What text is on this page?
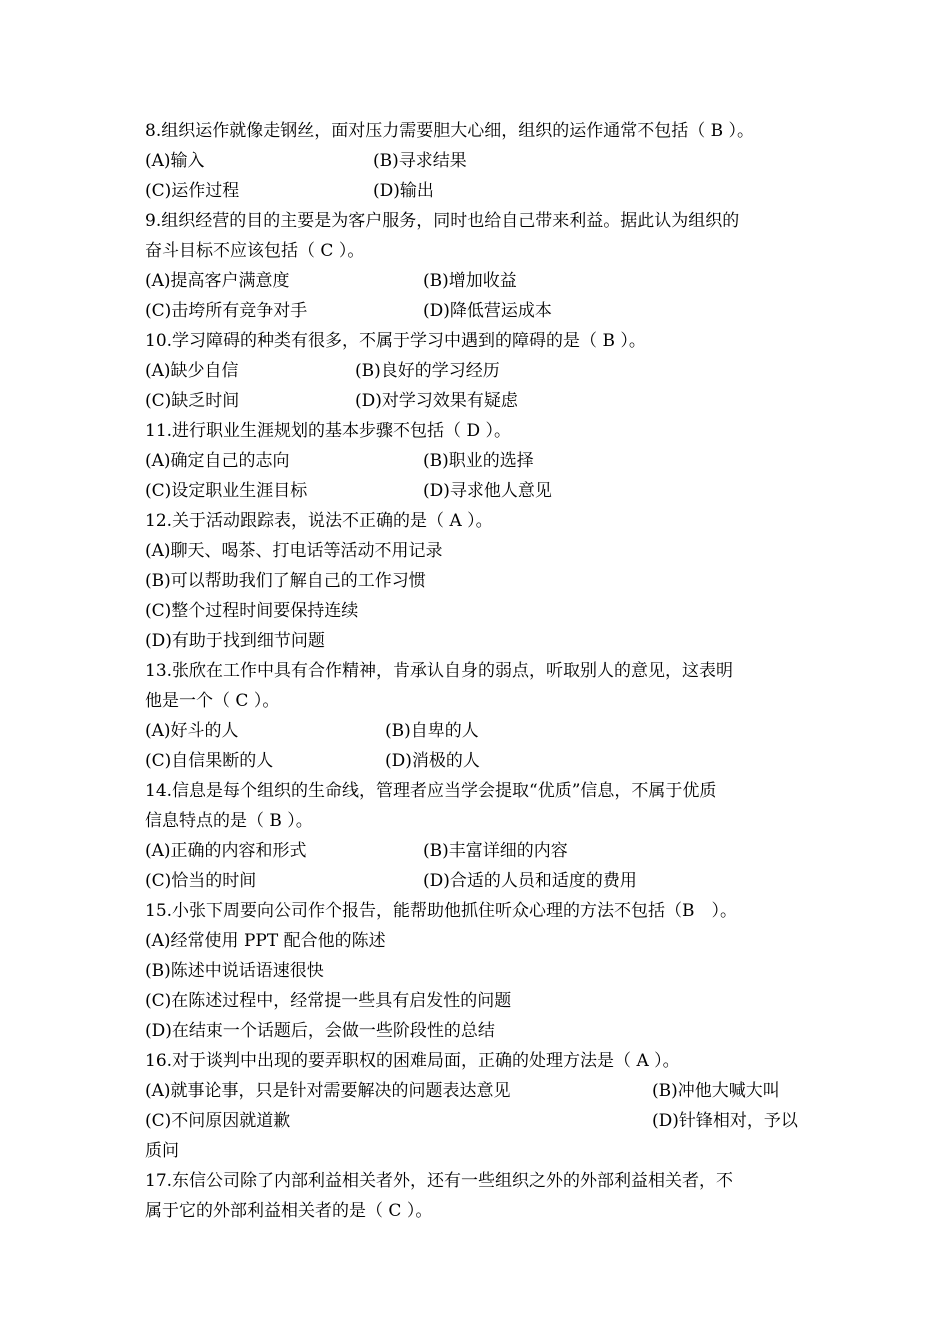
8.组织运作就像走钢丝，面对压力需要胆大心细，组织的运作通常不包括（ B ）。
(A)输入	(B)寻求结果
(C)运作过程	(D)输出
9.组织经营的目的主要是为客户服务，同时也给自己带来利益。据此认为组织的
奋斗目标不应该包括（ C ）。
(A)提高客户满意度	(B)增加收益
(C)击垮所有竞争对手	(D)降低营运成本
10.学习障碍的种类有很多，不属于学习中遇到的障碍的是（ B ）。
(A)缺少自信	(B)良好的学习经历
(C)缺乏时间	(D)对学习效果有疑虑
11.进行职业生涯规划的基本步骤不包括（ D ）。
(A)确定自己的志向	(B)职业的选择
(C)设定职业生涯目标	(D)寻求他人意见
12.关于活动跟踪表，说法不正确的是（ A ）。
(A)聊天、喝茶、打电话等活动不用记录
(B)可以帮助我们了解自己的工作习惯
(C)整个过程时间要保持连续
(D)有助于找到细节问题
13.张欣在工作中具有合作精神，肯承认自身的弱点，听取别人的意见，这表明
他是一个（ C ）。
(A)好斗的人	(B)自卑的人
(C)自信果断的人	(D)消极的人
14.信息是每个组织的生命线，管理者应当学会提取“优质”信息，不属于优质
信息特点的是（ B ）。
(A)正确的内容和形式	(B)丰富详细的内容
(C)恰当的时间	(D)合适的人员和适度的费用
15.小张下周要向公司作个报告，能帮助他抓住听众心理的方法不包括（B　）。
(A)经常使用 PPT 配合他的陈述
(B)陈述中说话语速很快
(C)在陈述过程中，经常提一些具有启发性的问题
(D)在结束一个话题后，会做一些阶段性的总结
16.对于谈判中出现的要弄职权的困难局面，正确的处理方法是（ A ）。
(A)就事论事，只是针对需要解决的问题表达意见	(B)冲他大喊大叫
(C)不问原因就道歉	(D)针锋相对，予以
质问
17.东信公司除了内部利益相关者外，还有一些组织之外的外部利益相关者，不
属于它的外部利益相关者的是（ C ）。
